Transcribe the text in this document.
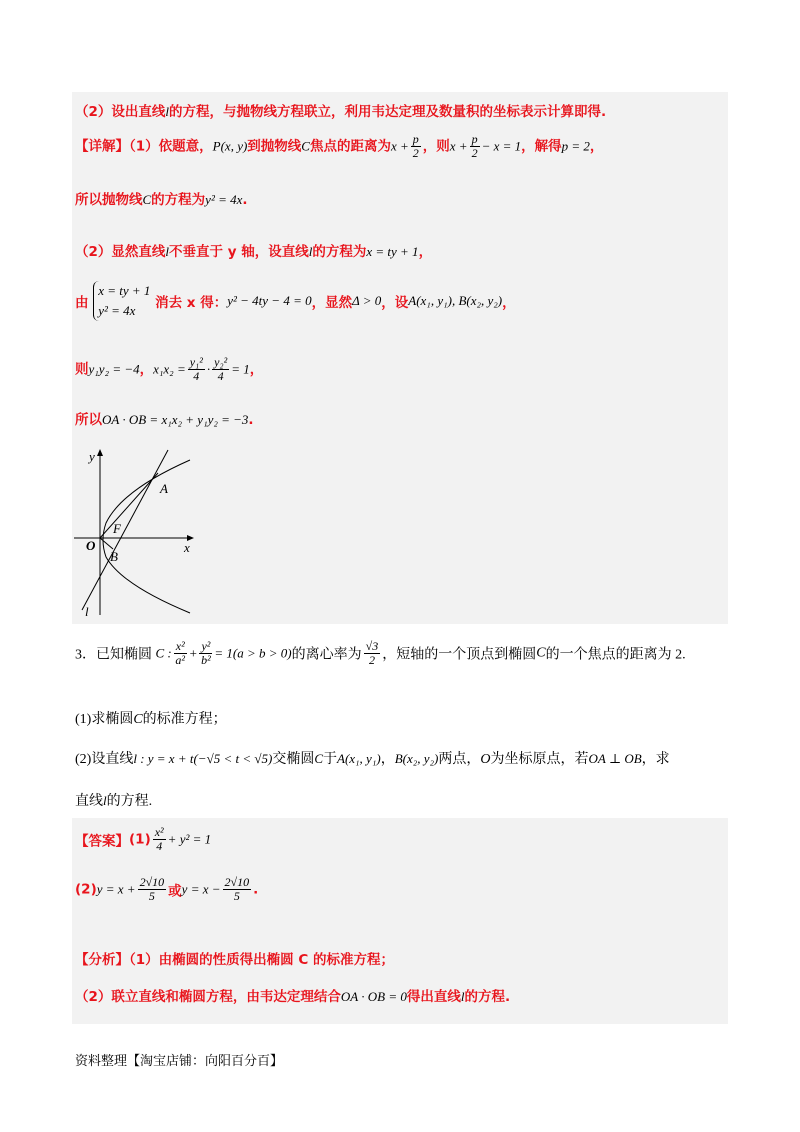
（2）设出直线l的方程，与抛物线方程联立，利用韦达定理及数量积的坐标表示计算即得.
【详解】（1）依题意，P(x, y)到抛物线C焦点的距离为$x + \frac{p}{2}$ ，则$x + \frac{p}{2} - x = 1$，解得p = 2，
所以抛物线C的方程为y² = 4x.
（2）显然直线l不垂直于 y 轴，设直线l的方程为x = ty + 1，
由 x = ty + 1
y² = 4x 消去 x 得：y² − 4ty − 4 = 0，显然Δ > 0，设A(x₁, y₁), B(x₂, y₂)，
则y₁y₂ = −4，$x_1x_2 = \frac{\text{y₁²}}{4} \cdot \frac{\text{y₂²}}{4} = 1$，
所以OA · OB = x₁x₂ + y₁y₂ = −3.
y
x
O
A
B
F
l
3．已知椭圆 C : $\frac{\text{x²}}{\text{a²}} + \frac{\text{y²}}{\text{b²}} = 1(a > b > 0)$的离心率为 $\frac{√3}{2}$ ，短轴的一个顶点到椭圆C的一个焦点的距离为 2.
(1)求椭圆C的标准方程；
(2)设直线l : y = x + t(−√5 < t < √5)交椭圆C于A(x₁, y₁)，B(x₂, y₂)两点，O为坐标原点，若OA ⊥ OB，求
直线l的方程.
【答案】$(1) \frac{\text{x²}}{4} + y^2 = 1$
$(2)y = x + \frac{2√10}{5}$ 或$y = x - \frac{2√10}{5}$ .
【分析】（1）由椭圆的性质得出椭圆 C 的标准方程；
（2）联立直线和椭圆方程，由韦达定理结合OA · OB = 0得出直线l的方程.
资料整理【淘宝店铺：向阳百分百】
